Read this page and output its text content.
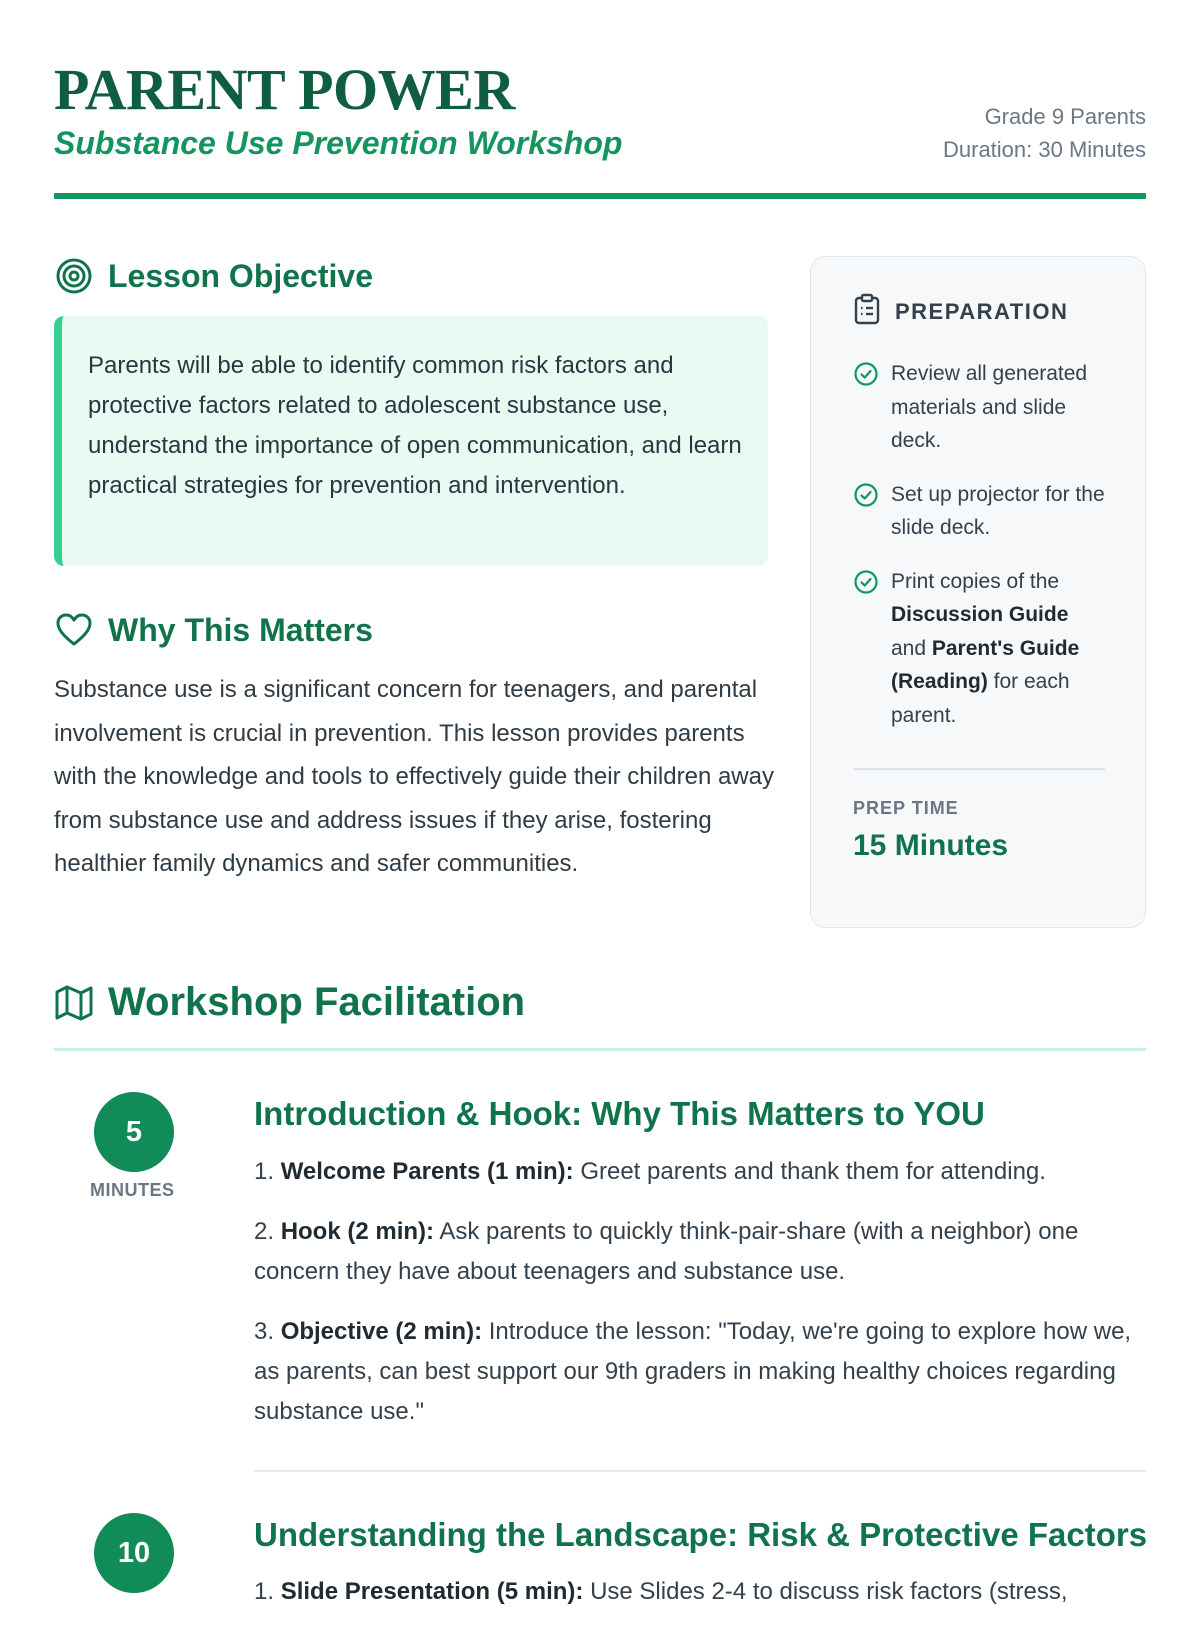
PARENT POWER
Substance Use Prevention Workshop
Grade 9 Parents
Duration: 30 Minutes
Lesson Objective
Parents will be able to identify common risk factors and protective factors related to adolescent substance use, understand the importance of open communication, and learn practical strategies for prevention and intervention.
Why This Matters
Substance use is a significant concern for teenagers, and parental involvement is crucial in prevention. This lesson provides parents with the knowledge and tools to effectively guide their children away from substance use and address issues if they arise, fostering healthier family dynamics and safer communities.
PREPARATION
Review all generated materials and slide deck.
Set up projector for the slide deck.
Print copies of the Discussion Guide and Parent's Guide (Reading) for each parent.
PREP TIME
15 Minutes
Workshop Facilitation
5
MINUTES
Introduction & Hook: Why This Matters to YOU

1. Welcome Parents (1 min): Greet parents and thank them for attending.

2. Hook (2 min): Ask parents to quickly think-pair-share (with a neighbor) one concern they have about teenagers and substance use.

3. Objective (2 min): Introduce the lesson: "Today, we're going to explore how we, as parents, can best support our 9th graders in making healthy choices regarding substance use."

10	Understanding the Landscape: Risk & Protective Factors

1. Slide Presentation (5 min): Use Slides 2-4 to discuss risk factors (stress,
